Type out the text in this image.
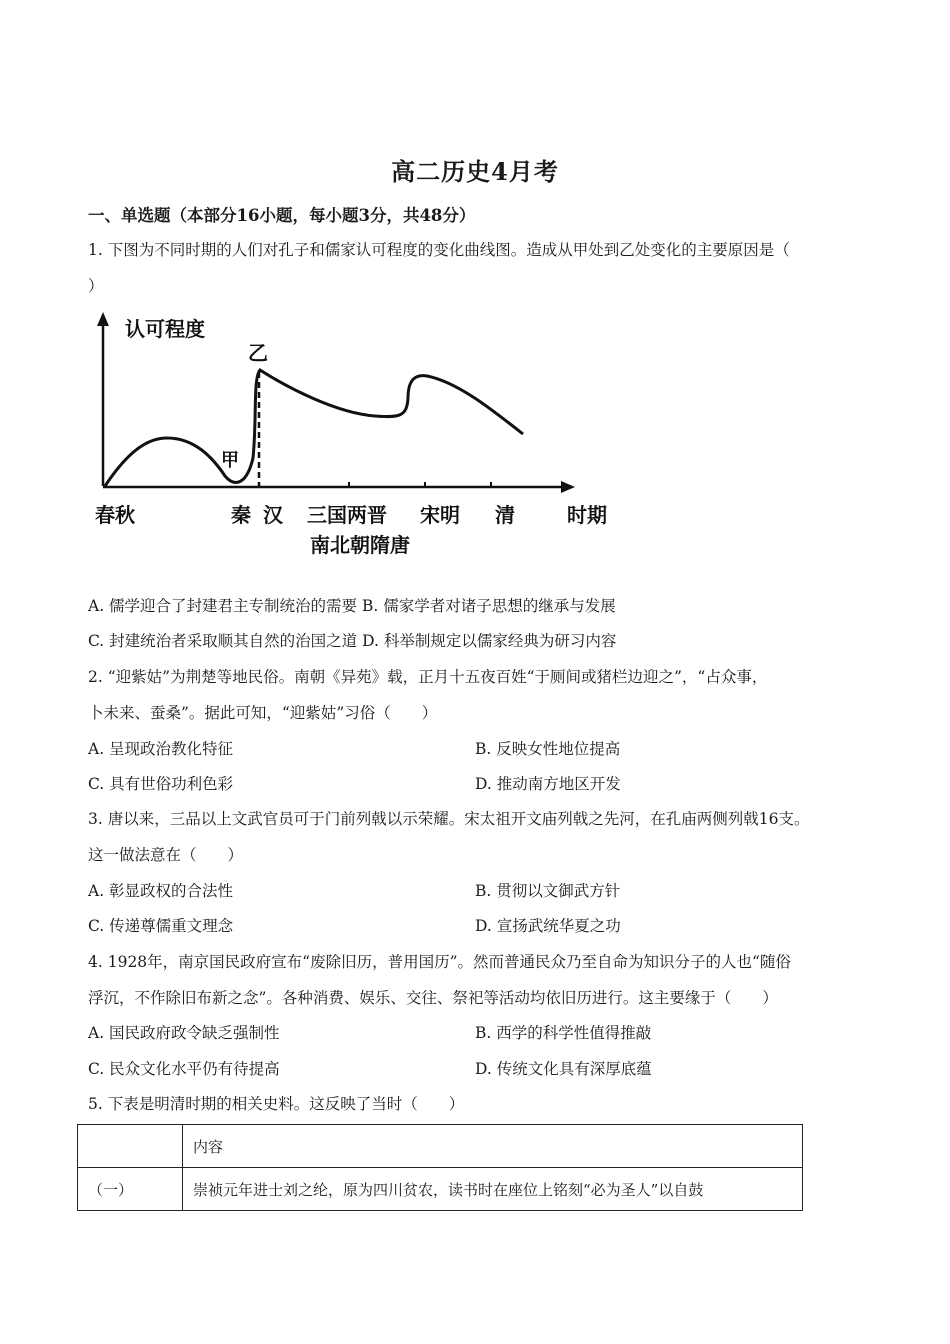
高二历史4月考
一、单选题（本部分16小题，每小题3分，共48分）
1. 下图为不同时期的人们对孔子和儒家认可程度的变化曲线图。造成从甲处到乙处变化的主要原因是（
）
认可程度
乙
甲
春秋	秦 汉 三国两晋
南北朝隋唐
宋明 清	时期
A. 儒学迎合了封建君主专制统治的需要 B. 儒家学者对诸子思想的继承与发展
C. 封建统治者采取顺其自然的治国之道 D. 科举制规定以儒家经典为研习内容
2. “迎紫姑”为荆楚等地民俗。南朝《异苑》载，正月十五夜百姓“于厕间或猪栏边迎之”，“占众事，
卜未来、蚕桑”。据此可知，“迎紫姑”习俗（　　）
A. 呈现政治教化特征	B. 反映女性地位提高
C. 具有世俗功利色彩	D. 推动南方地区开发
3. 唐以来，三品以上文武官员可于门前列戟以示荣耀。宋太祖开文庙列戟之先河，在孔庙两侧列戟16支。
这一做法意在（　　）
A. 彰显政权的合法性	B. 贯彻以文御武方针
C. 传递尊儒重文理念	D. 宣扬武统华夏之功
4. 1928年，南京国民政府宣布“废除旧历，普用国历”。然而普通民众乃至自命为知识分子的人也“随俗
浮沉，不作除旧布新之念”。各种消费、娱乐、交往、祭祀等活动均依旧历进行。这主要缘于（　　）
A. 国民政府政令缺乏强制性	B. 西学的科学性值得推敲
C. 民众文化水平仍有待提高	D. 传统文化具有深厚底蕴
5. 下表是明清时期的相关史料。这反映了当时（　　）
	内容
（一）	崇祯元年进士刘之纶，原为四川贫农，读书时在座位上铭刻“必为圣人”以自鼓
